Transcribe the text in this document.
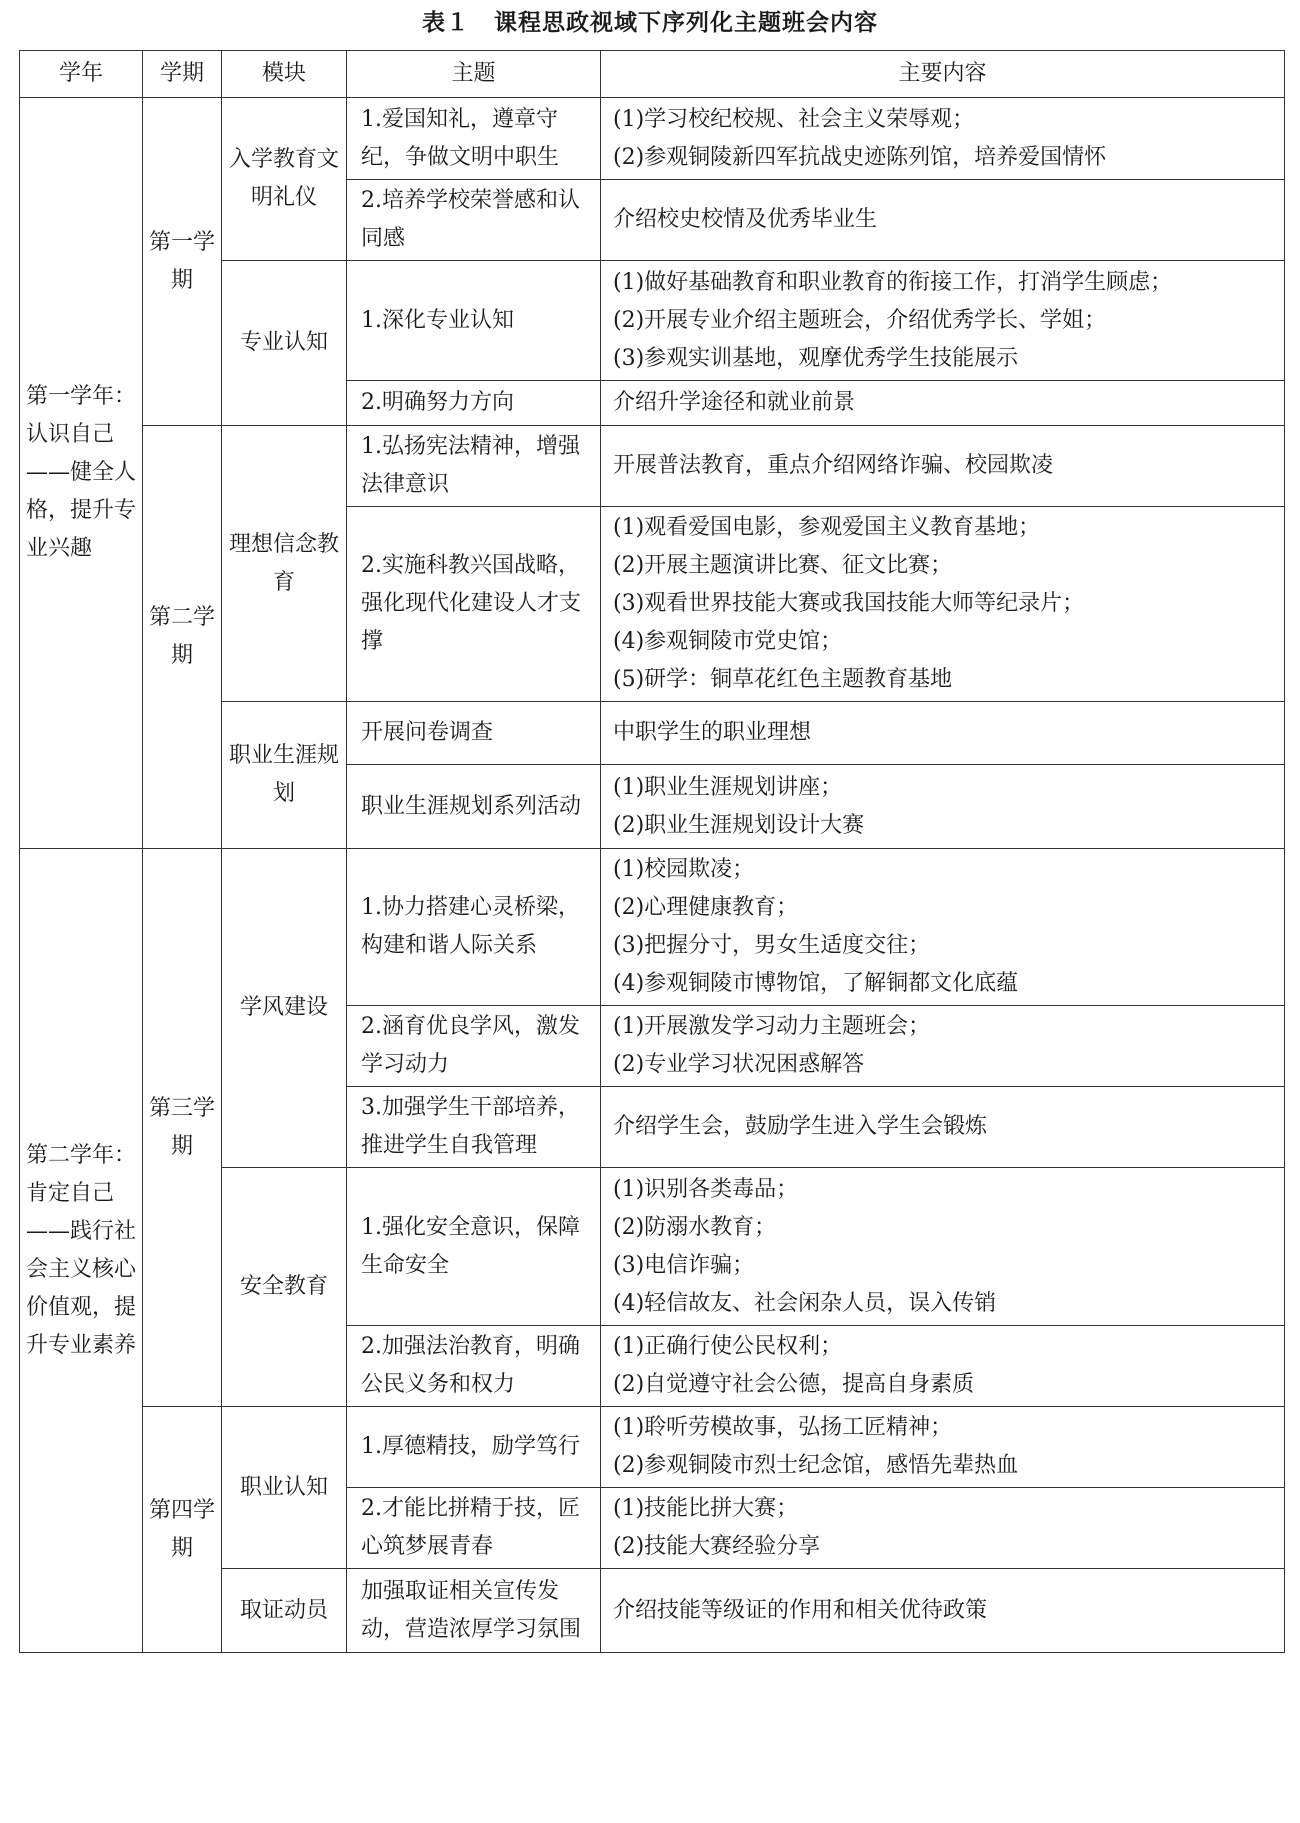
表１　课程思政视域下序列化主题班会内容
学年	学期	模块	主题	主要内容
第一学年：认识自己——健全人格，提升专业兴趣	第一学期	入学教育文明礼仪	1.爱国知礼，遵章守纪，争做文明中职生	(1)学习校纪校规、社会主义荣辱观；
(2)参观铜陵新四军抗战史迹陈列馆，培养爱国情怀

			2.培养学校荣誉感和认同感	介绍校史校情及优秀毕业生

		专业认知	1.深化专业认知	(1)做好基础教育和职业教育的衔接工作，打消学生顾虑；
(2)开展专业介绍主题班会，介绍优秀学长、学姐；
(3)参观实训基地，观摩优秀学生技能展示

			2.明确努力方向	介绍升学途径和就业前景

	第二学期	理想信念教育	1.弘扬宪法精神，增强法律意识	开展普法教育，重点介绍网络诈骗、校园欺凌

			2.实施科教兴国战略，强化现代化建设人才支撑	(1)观看爱国电影，参观爱国主义教育基地；
(2)开展主题演讲比赛、征文比赛；
(3)观看世界技能大赛或我国技能大师等纪录片；
(4)参观铜陵市党史馆；
(5)研学：铜草花红色主题教育基地

		职业生涯规划	开展问卷调查	中职学生的职业理想

			职业生涯规划系列活动	(1)职业生涯规划讲座；
(2)职业生涯规划设计大赛

第二学年：肯定自己——践行社会主义核心价值观，提升专业素养	第三学期	学风建设	1.协力搭建心灵桥梁，构建和谐人际关系	(1)校园欺凌；
(2)心理健康教育；
(3)把握分寸，男女生适度交往；
(4)参观铜陵市博物馆，了解铜都文化底蕴

			2.涵育优良学风，激发学习动力	(1)开展激发学习动力主题班会；
(2)专业学习状况困惑解答

			3.加强学生干部培养，推进学生自我管理	介绍学生会，鼓励学生进入学生会锻炼

		安全教育	1.强化安全意识，保障生命安全	(1)识别各类毒品；
(2)防溺水教育；
(3)电信诈骗；
(4)轻信故友、社会闲杂人员，误入传销

			2.加强法治教育，明确公民义务和权力	(1)正确行使公民权利；
(2)自觉遵守社会公德，提高自身素质

	第四学期	职业认知	1.厚德精技，励学笃行	(1)聆听劳模故事，弘扬工匠精神；
(2)参观铜陵市烈士纪念馆，感悟先辈热血

			2.才能比拼精于技，匠心筑梦展青春	(1)技能比拼大赛；
(2)技能大赛经验分享

		取证动员	加强取证相关宣传发动，营造浓厚学习氛围	介绍技能等级证的作用和相关优待政策
